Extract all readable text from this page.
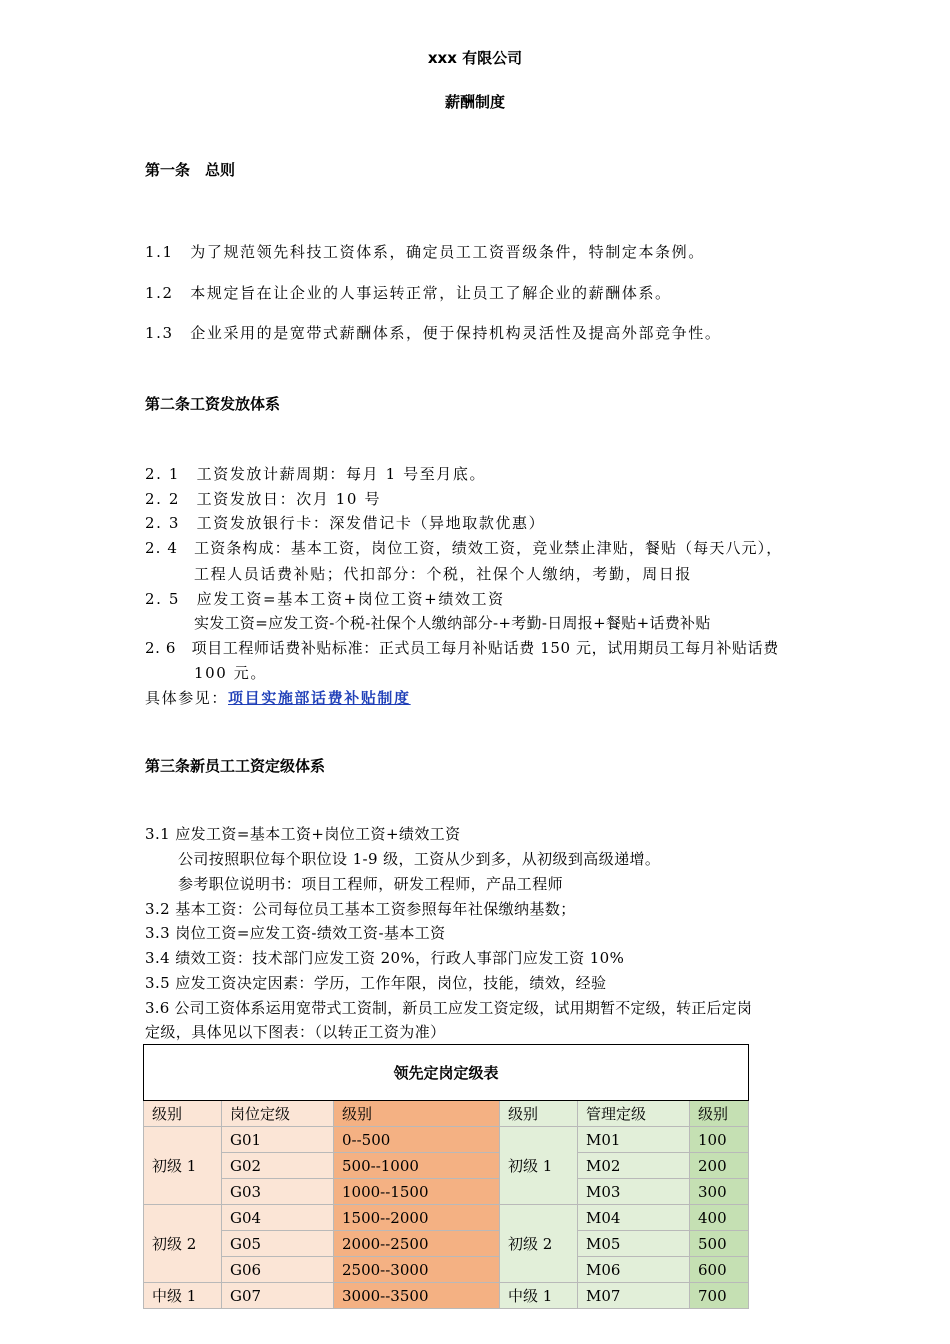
xxx 有限公司
薪酬制度
第一条　总则
1.1　为了规范领先科技工资体系，确定员工工资晋级条件，特制定本条例。
1.2　本规定旨在让企业的人事运转正常，让员工了解企业的薪酬体系。
1.3　企业采用的是宽带式薪酬体系，便于保持机构灵活性及提高外部竞争性。
第二条工资发放体系
2. 1　工资发放计薪周期：每月 1 号至月底。
2. 2　工资发放日：次月 10 号
2. 3　工资发放银行卡：深发借记卡（异地取款优惠）
2. 4　工资条构成：基本工资，岗位工资，绩效工资，竞业禁止津贴，餐贴（每天八元），
工程人员话费补贴；代扣部分：个税，社保个人缴纳，考勤，周日报
2. 5　应发工资=基本工资+岗位工资+绩效工资
实发工资=应发工资-个税-社保个人缴纳部分-+考勤-日周报+餐贴+话费补贴
2. 6　项目工程师话费补贴标准：正式员工每月补贴话费 150 元，试用期员工每月补贴话费
100 元。
具体参见：项目实施部话费补贴制度
第三条新员工工资定级体系
3.1 应发工资=基本工资+岗位工资+绩效工资
公司按照职位每个职位设 1-9 级，工资从少到多，从初级到高级递增。
参考职位说明书：项目工程师，研发工程师，产品工程师
3.2 基本工资：公司每位员工基本工资参照每年社保缴纳基数；
3.3 岗位工资=应发工资-绩效工资-基本工资
3.4 绩效工资：技术部门应发工资 20%，行政人事部门应发工资 10%
3.5 应发工资决定因素：学历，工作年限，岗位，技能，绩效，经验
3.6 公司工资体系运用宽带式工资制，新员工应发工资定级，试用期暂不定级，转正后定岗
定级，具体见以下图表：（以转正工资为准）
领先定岗定级表					
级别	岗位定级	级别	级别	管理定级	级别
初级 1	G01	0--500	初级 1	M01	100
	G02	500--1000		M02	200
	G03	1000--1500		M03	300
初级 2	G04	1500--2000	初级 2	M04	400
	G05	2000--2500		M05	500
	G06	2500--3000		M06	600
中级 1	G07	3000--3500	中级 1	M07	700
